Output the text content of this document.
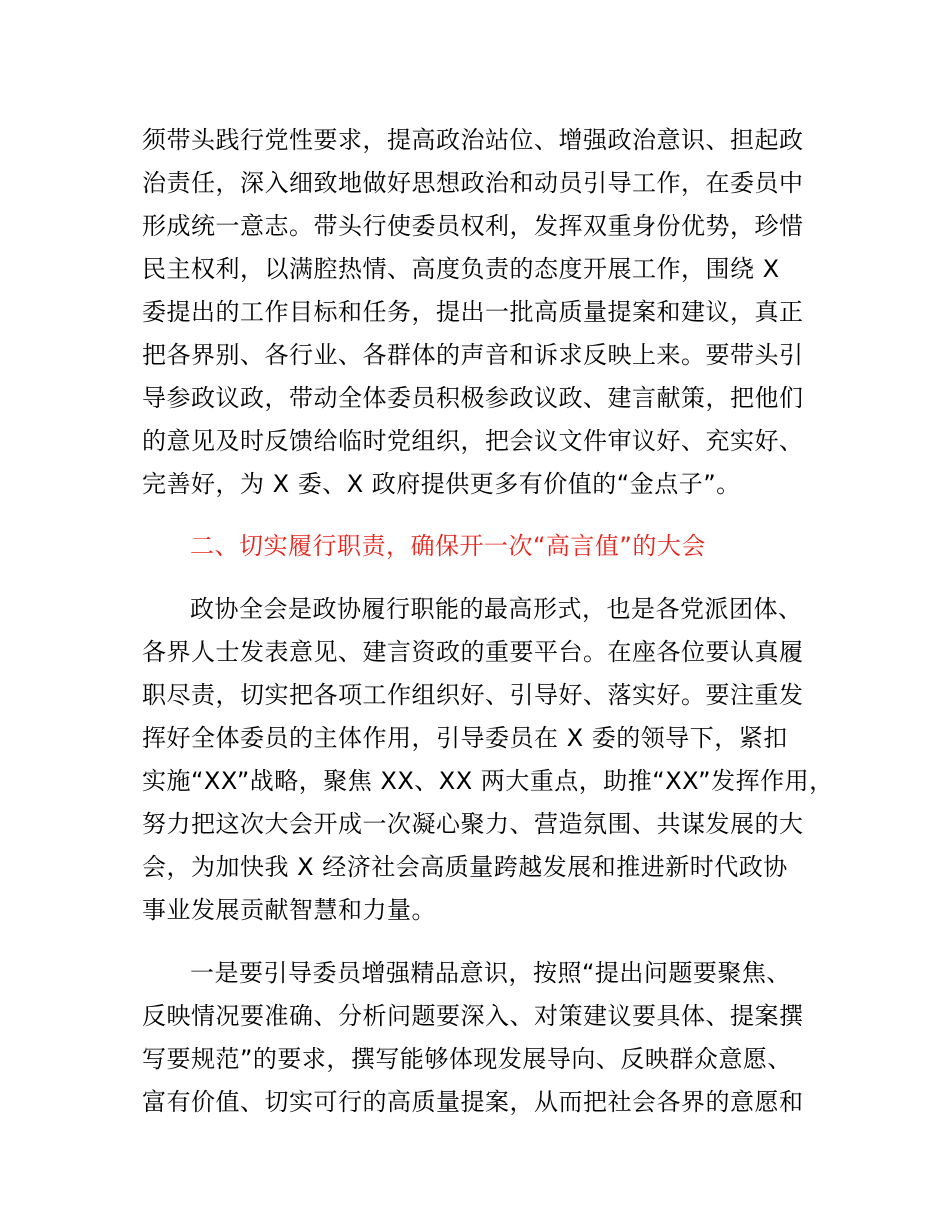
须带头践行党性要求，提高政治站位、增强政治意识、担起政
治责任，深入细致地做好思想政治和动员引导工作，在委员中
形成统一意志。带头行使委员权利，发挥双重身份优势，珍惜
民主权利，以满腔热情、高度负责的态度开展工作，围绕 X
委提出的工作目标和任务，提出一批高质量提案和建议，真正
把各界别、各行业、各群体的声音和诉求反映上来。要带头引
导参政议政，带动全体委员积极参政议政、建言献策，把他们
的意见及时反馈给临时党组织，把会议文件审议好、充实好、
完善好，为 X 委、X 政府提供更多有价值的“金点子”。
二、切实履行职责，确保开一次“高言值”的大会
政协全会是政协履行职能的最高形式，也是各党派团体、
各界人士发表意见、建言资政的重要平台。在座各位要认真履
职尽责，切实把各项工作组织好、引导好、落实好。要注重发
挥好全体委员的主体作用，引导委员在 X 委的领导下，紧扣
实施“XX”战略，聚焦 XX、XX 两大重点，助推“XX”发挥作用，
努力把这次大会开成一次凝心聚力、营造氛围、共谋发展的大
会，为加快我 X 经济社会高质量跨越发展和推进新时代政协
事业发展贡献智慧和力量。
一是要引导委员增强精品意识，按照“提出问题要聚焦、
反映情况要准确、分析问题要深入、对策建议要具体、提案撰
写要规范”的要求，撰写能够体现发展导向、反映群众意愿、
富有价值、切实可行的高质量提案，从而把社会各界的意愿和
